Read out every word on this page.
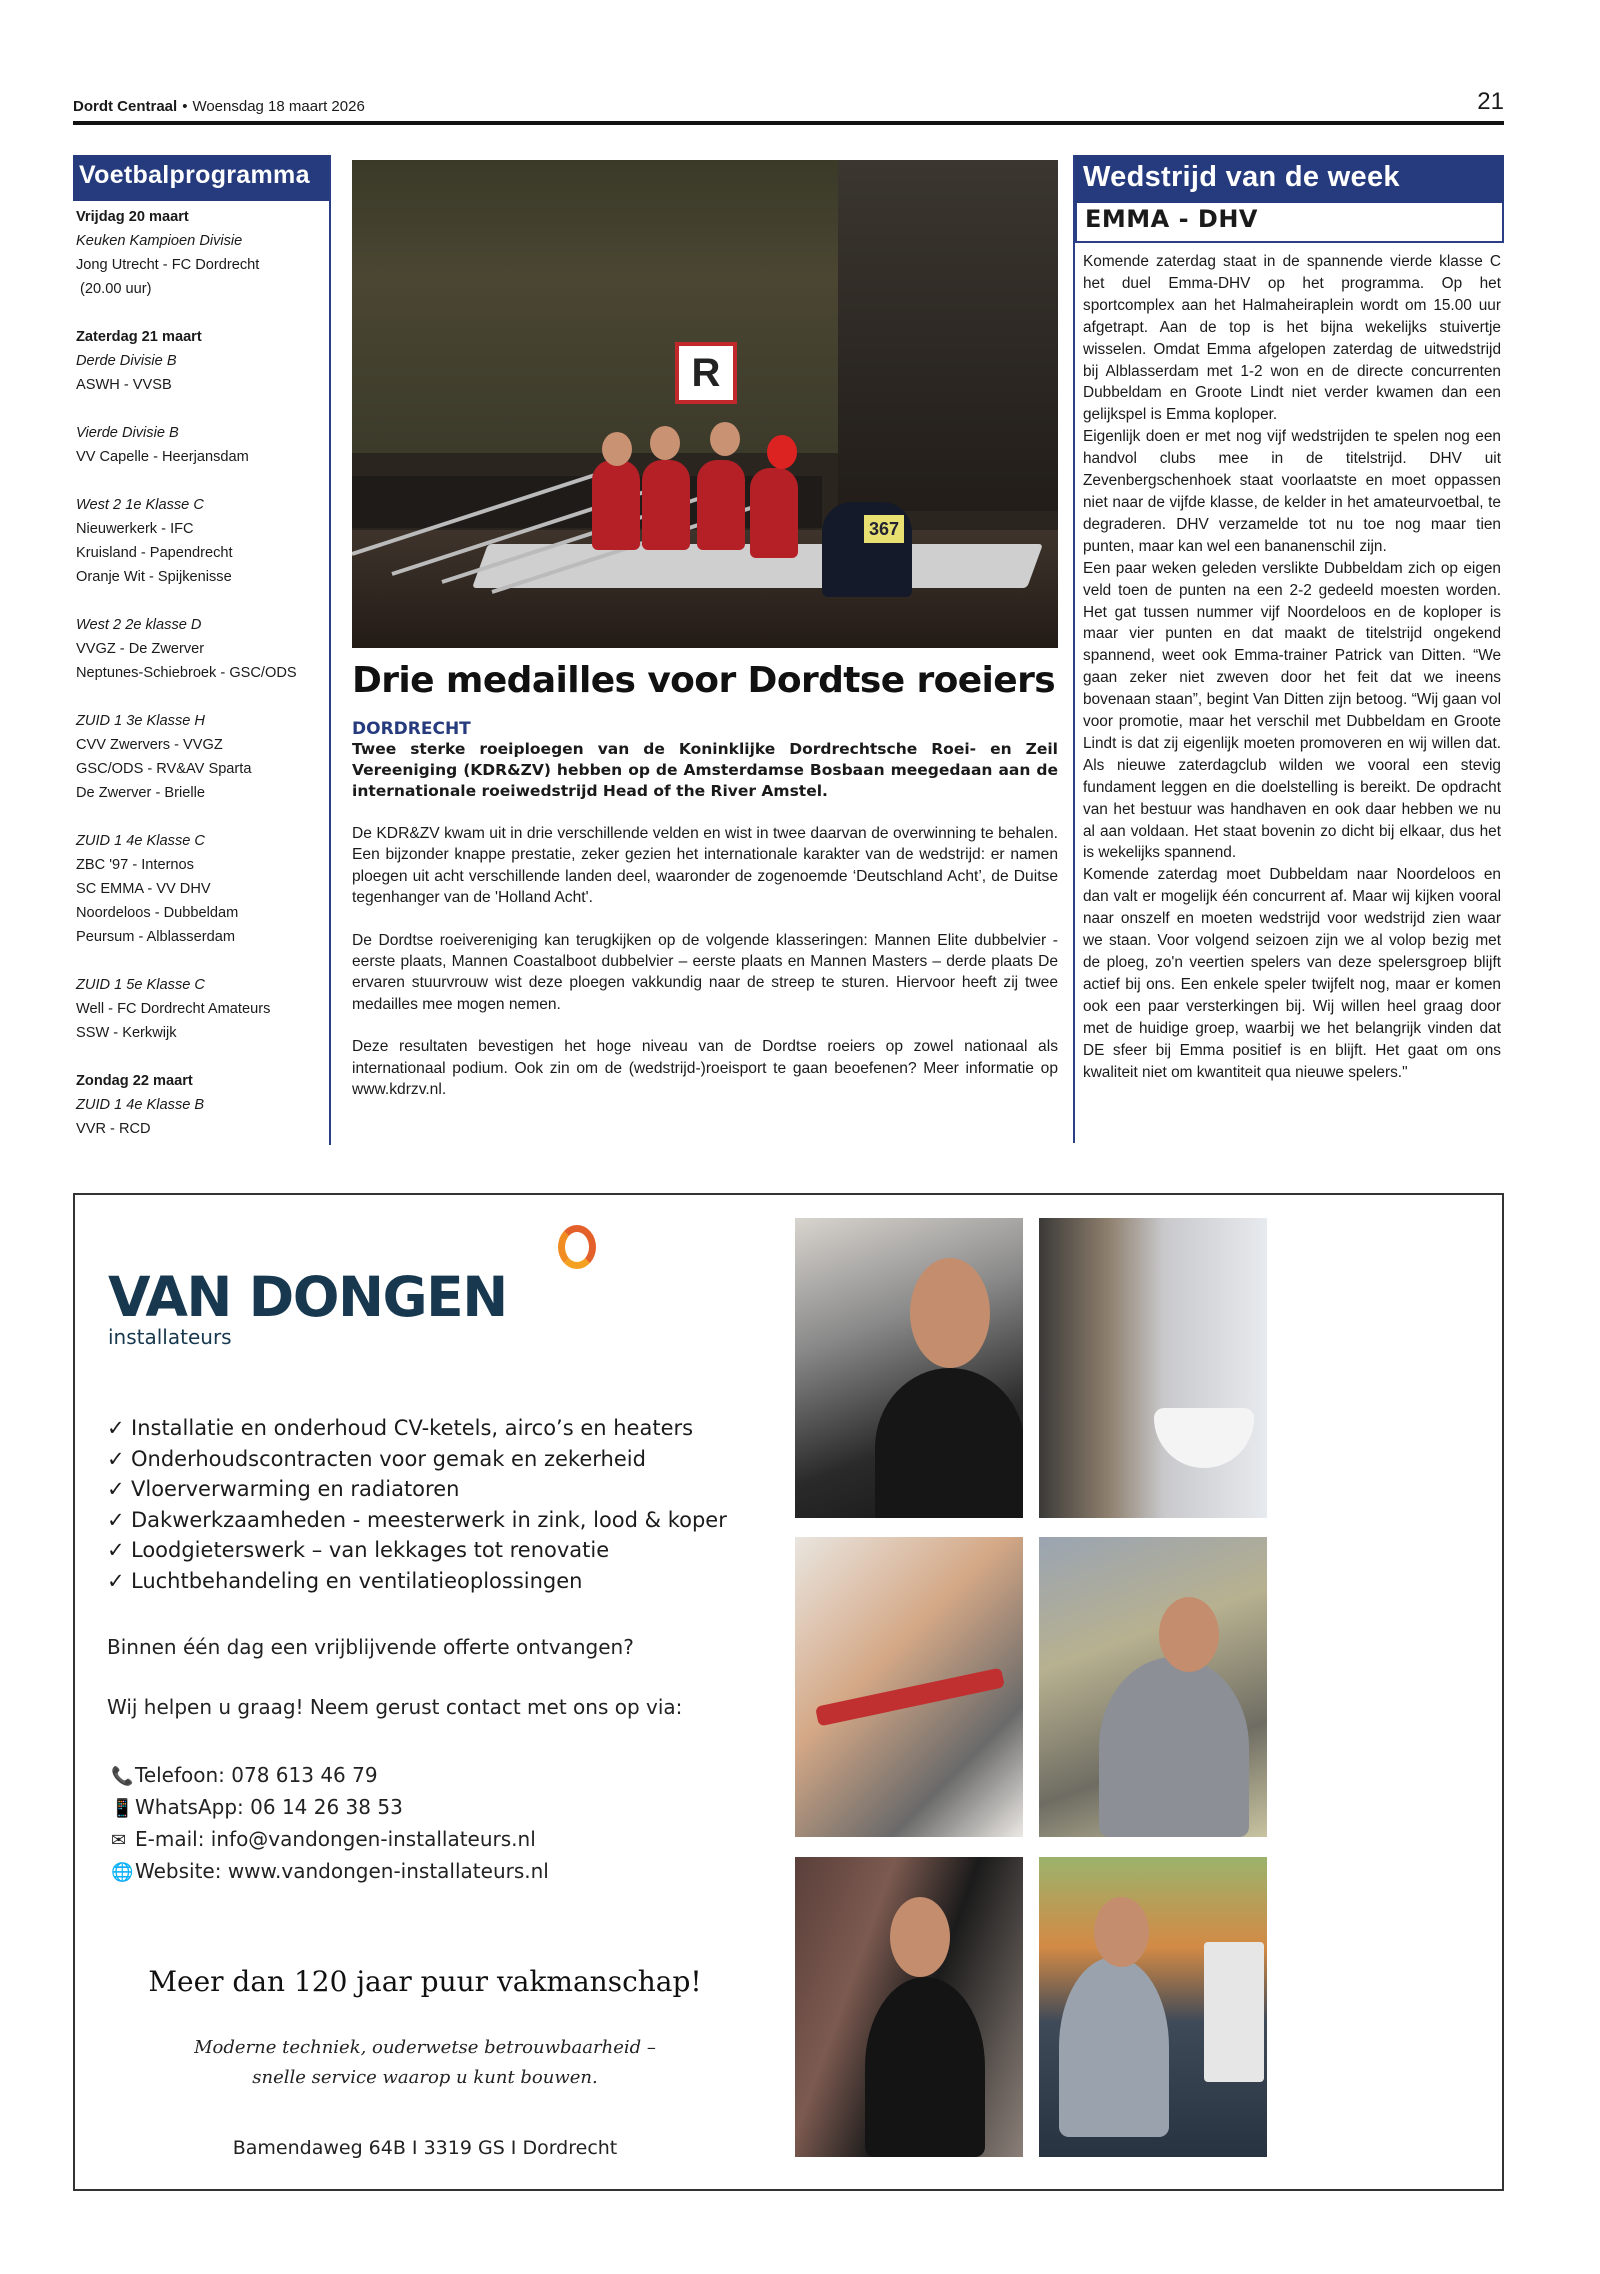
Dordt Centraal • Woensdag 18 maart 2026	21
Voetbalprogramma
Vrijdag 20 maart
Keuken Kampioen Divisie
Jong Utrecht - FC Dordrecht
(20.00 uur)
Zaterdag 21 maart
Derde Divisie B
ASWH - VVSB
Vierde Divisie B
VV Capelle - Heerjansdam
West 2 1e Klasse C
Nieuwerkerk - IFC
Kruisland - Papendrecht
Oranje Wit - Spijkenisse
West 2 2e klasse D
VVGZ - De Zwerver
Neptunes-Schiebroek - GSC/ODS
ZUID 1 3e Klasse H
CVV Zwervers - VVGZ
GSC/ODS - RV&AV Sparta
De Zwerver - Brielle
ZUID 1 4e Klasse C
ZBC '97 - Internos
SC EMMA - VV DHV
Noordeloos - Dubbeldam
Peursum - Alblasserdam
ZUID 1 5e Klasse C
Well - FC Dordrecht Amateurs
SSW - Kerkwijk
Zondag 22 maart
ZUID 1 4e Klasse B
VVR - RCD
R
367
Drie medailles voor Dordtse roeiers
DORDRECHT

Twee sterke roeiploegen van de Koninklijke Dordrechtsche Roei- en Zeil Vereeniging (KDR&ZV) hebben op de Amsterdamse Bosbaan meegedaan aan de internationale roeiwedstrijd Head of the River Amstel.

De KDR&ZV kwam uit in drie verschillende velden en wist in twee daarvan de overwinning te behalen. Een bijzonder knappe prestatie, zeker gezien het internationale karakter van de wedstrijd: er namen ploegen uit acht verschillende landen deel, waaronder de zogenoemde ‘Deutschland Acht’, de Duitse tegenhanger van de 'Holland Acht'.

De Dordtse roeivereniging kan terugkijken op de volgende klasseringen: Mannen Elite dubbelvier - eerste plaats, Mannen Coastalboot dubbelvier – eerste plaats en Mannen Masters – derde plaats De ervaren stuurvrouw wist deze ploegen vakkundig naar de streep te sturen. Hiervoor heeft zij twee medailles mee mogen nemen.

Deze resultaten bevestigen het hoge niveau van de Dordtse roeiers op zowel nationaal als internationaal podium. Ook zin om de (wedstrijd-)roeisport te gaan beoefenen? Meer informatie op www.kdrzv.nl.

Wedstrijd van de week
EMMA - DHV

Komende zaterdag staat in de spannende vierde klasse C het duel Emma-DHV op het programma. Op het sportcomplex aan het Halmaheiraplein wordt om 15.00 uur afgetrapt. Aan de top is het bijna wekelijks stuivertje wisselen. Omdat Emma afgelopen zaterdag de uitwedstrijd bij Alblasserdam met 1-2 won en de directe concurrenten Dubbeldam en Groote Lindt niet verder kwamen dan een gelijkspel is Emma koploper.

Eigenlijk doen er met nog vijf wedstrijden te spelen nog een handvol clubs mee in de titelstrijd. DHV uit Zevenbergschenhoek staat voorlaatste en moet oppassen niet naar de vijfde klasse, de kelder in het amateurvoetbal, te degraderen. DHV verzamelde tot nu toe nog maar tien punten, maar kan wel een bananenschil zijn.

Een paar weken geleden verslikte Dubbeldam zich op eigen veld toen de punten na een 2-2 gedeeld moesten worden. Het gat tussen nummer vijf Noordeloos en de koploper is maar vier punten en dat maakt de titelstrijd ongekend spannend, weet ook Emma-trainer Patrick van Ditten. “We gaan zeker niet zweven door het feit dat we ineens bovenaan staan”, begint Van Ditten zijn betoog. “Wij gaan vol voor promotie, maar het verschil met Dubbeldam en Groote Lindt is dat zij eigenlijk moeten promoveren en wij willen dat. Als nieuwe zaterdagclub wilden we vooral een stevig fundament leggen en die doelstelling is bereikt. De opdracht van het bestuur was handhaven en ook daar hebben we nu al aan voldaan. Het staat bovenin zo dicht bij elkaar, dus het is wekelijks spannend.

Komende zaterdag moet Dubbeldam naar Noordeloos en dan valt er mogelijk één concurrent af. Maar wij kijken vooral naar onszelf en moeten wedstrijd voor wedstrijd zien waar we staan. Voor volgend seizoen zijn we al volop bezig met de ploeg, zo'n veertien spelers van deze spelersgroep blijft actief bij ons. Een enkele speler twijfelt nog, maar er komen ook een paar versterkingen bij. Wij willen heel graag door met de huidige groep, waarbij we het belangrijk vinden dat DE sfeer bij Emma positief is en blijft. Het gaat om ons kwaliteit niet om kwantiteit qua nieuwe spelers."

VAN DONGEN
installateurs
✓ Installatie en onderhoud CV-ketels, airco’s en heaters
✓ Onderhoudscontracten voor gemak en zekerheid
✓ Vloerverwarming en radiatoren
✓ Dakwerkzaamheden - meesterwerk in zink, lood & koper
✓ Loodgieterswerk – van lekkages tot renovatie
✓ Luchtbehandeling en ventilatieoplossingen
Binnen één dag een vrijblijvende offerte ontvangen?
Wij helpen u graag! Neem gerust contact met ons op via:
📞Telefoon: 078 613 46 79
📱WhatsApp: 06 14 26 38 53
✉ E-mail: info@vandongen-installateurs.nl
🌐Website: www.vandongen-installateurs.nl
Meer dan 120 jaar puur vakmanschap!
Moderne techniek, ouderwetse betrouwbaarheid –
snelle service waarop u kunt bouwen.
Bamendaweg 64B I 3319 GS I Dordrecht
